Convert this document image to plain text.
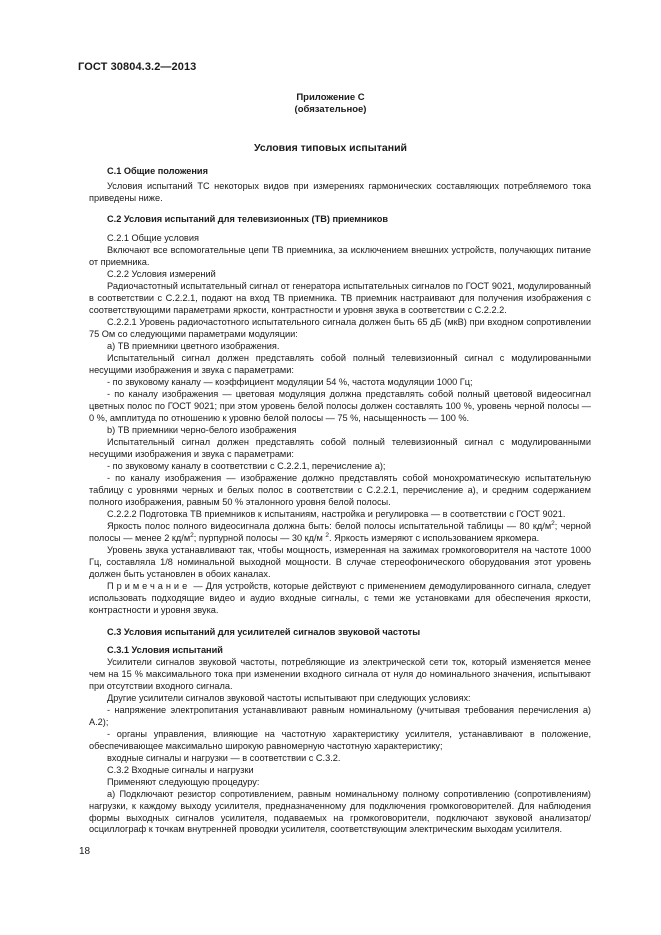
ГОСТ 30804.3.2—2013
Приложение С
(обязательное)
Условия типовых испытаний
С.1 Общие положения
Условия испытаний ТС некоторых видов при измерениях гармонических составляющих потребляемого тока приведены ниже.
С.2 Условия испытаний для телевизионных (ТВ) приемников
С.2.1 Общие условия
Включают все вспомогательные цепи ТВ приемника, за исключением внешних устройств, получающих питание от приемника.
С.2.2 Условия измерений
Радиочастотный испытательный сигнал от генератора испытательных сигналов по ГОСТ 9021, модулированный в соответствии с С.2.2.1, подают на вход ТВ приемника. ТВ приемник настраивают для получения изображения с соответствующими параметрами яркости, контрастности и уровня звука в соответствии с С.2.2.2.
С.2.2.1 Уровень радиочастотного испытательного сигнала должен быть 65 дБ (мкВ) при входном сопротивлении 75 Ом со следующими параметрами модуляции:
a) ТВ приемники цветного изображения.
Испытательный сигнал должен представлять собой полный телевизионный сигнал с модулированными несущими изображения и звука с параметрами:
- по звуковому каналу — коэффициент модуляции 54 %, частота модуляции 1000 Гц;
- по каналу изображения — цветовая модуляция должна представлять собой полный цветовой видеосигнал цветных полос по ГОСТ 9021; при этом уровень белой полосы должен составлять 100 %, уровень черной полосы — 0 %, амплитуда по отношению к уровню белой полосы — 75 %, насыщенность — 100 %.
b) ТВ приемники черно-белого изображения
Испытательный сигнал должен представлять собой полный телевизионный сигнал с модулированными несущими изображения и звука с параметрами:
- по звуковому каналу в соответствии с С.2.2.1, перечисление а);
- по каналу изображения — изображение должно представлять собой монохроматическую испытательную таблицу с уровнями черных и белых полос в соответствии с С.2.2.1, перечисление а), и средним содержанием полного изображения, равным 50 % эталонного уровня белой полосы.
С.2.2.2 Подготовка ТВ приемников к испытаниям, настройка и регулировка — в соответствии с ГОСТ 9021.
Яркость полос полного видеосигнала должна быть: белой полосы испытательной таблицы — 80 $кд/м^2$; черной полосы — менее 2 $кд/м^2$; пурпурной полосы — 30 кд/м $^2$. Яркость измеряют с использованием яркомера.
Уровень звука устанавливают так, чтобы мощность, измеренная на зажимах громкоговорителя на частоте 1000 Гц, составляла 1/8 номинальной выходной мощности. В случае стереофонического оборудования этот уровень должен быть установлен в обоих каналах.
Примечание — Для устройств, которые действуют с применением демодулированного сигнала, следует использовать подходящие видео и аудио входные сигналы, с теми же установками для обеспечения яркости, контрастности и уровня звука.
С.3 Условия испытаний для усилителей сигналов звуковой частоты
С.3.1 Условия испытаний
Усилители сигналов звуковой частоты, потребляющие из электрической сети ток, который изменяется менее чем на 15 % максимального тока при изменении входного сигнала от нуля до номинального значения, испытывают при отсутствии входного сигнала.
Другие усилители сигналов звуковой частоты испытывают при следующих условиях:
- напряжение электропитания устанавливают равным номинальному (учитывая требования перечисления а) А.2);
- органы управления, влияющие на частотную характеристику усилителя, устанавливают в положение, обеспечивающее максимально широкую равномерную частотную характеристику;
входные сигналы и нагрузки — в соответствии с С.3.2.
С.3.2 Входные сигналы и нагрузки
Применяют следующую процедуру:
а) Подключают резистор сопротивлением, равным номинальному полному сопротивлению (сопротивлениям) нагрузки, к каждому выходу усилителя, предназначенному для подключения громкоговорителей. Для наблюдения формы выходных сигналов усилителя, подаваемых на громкоговорители, подключают звуковой анализатор/осциллограф к точкам внутренней проводки усилителя, соответствующим электрическим выходам усилителя.
18
